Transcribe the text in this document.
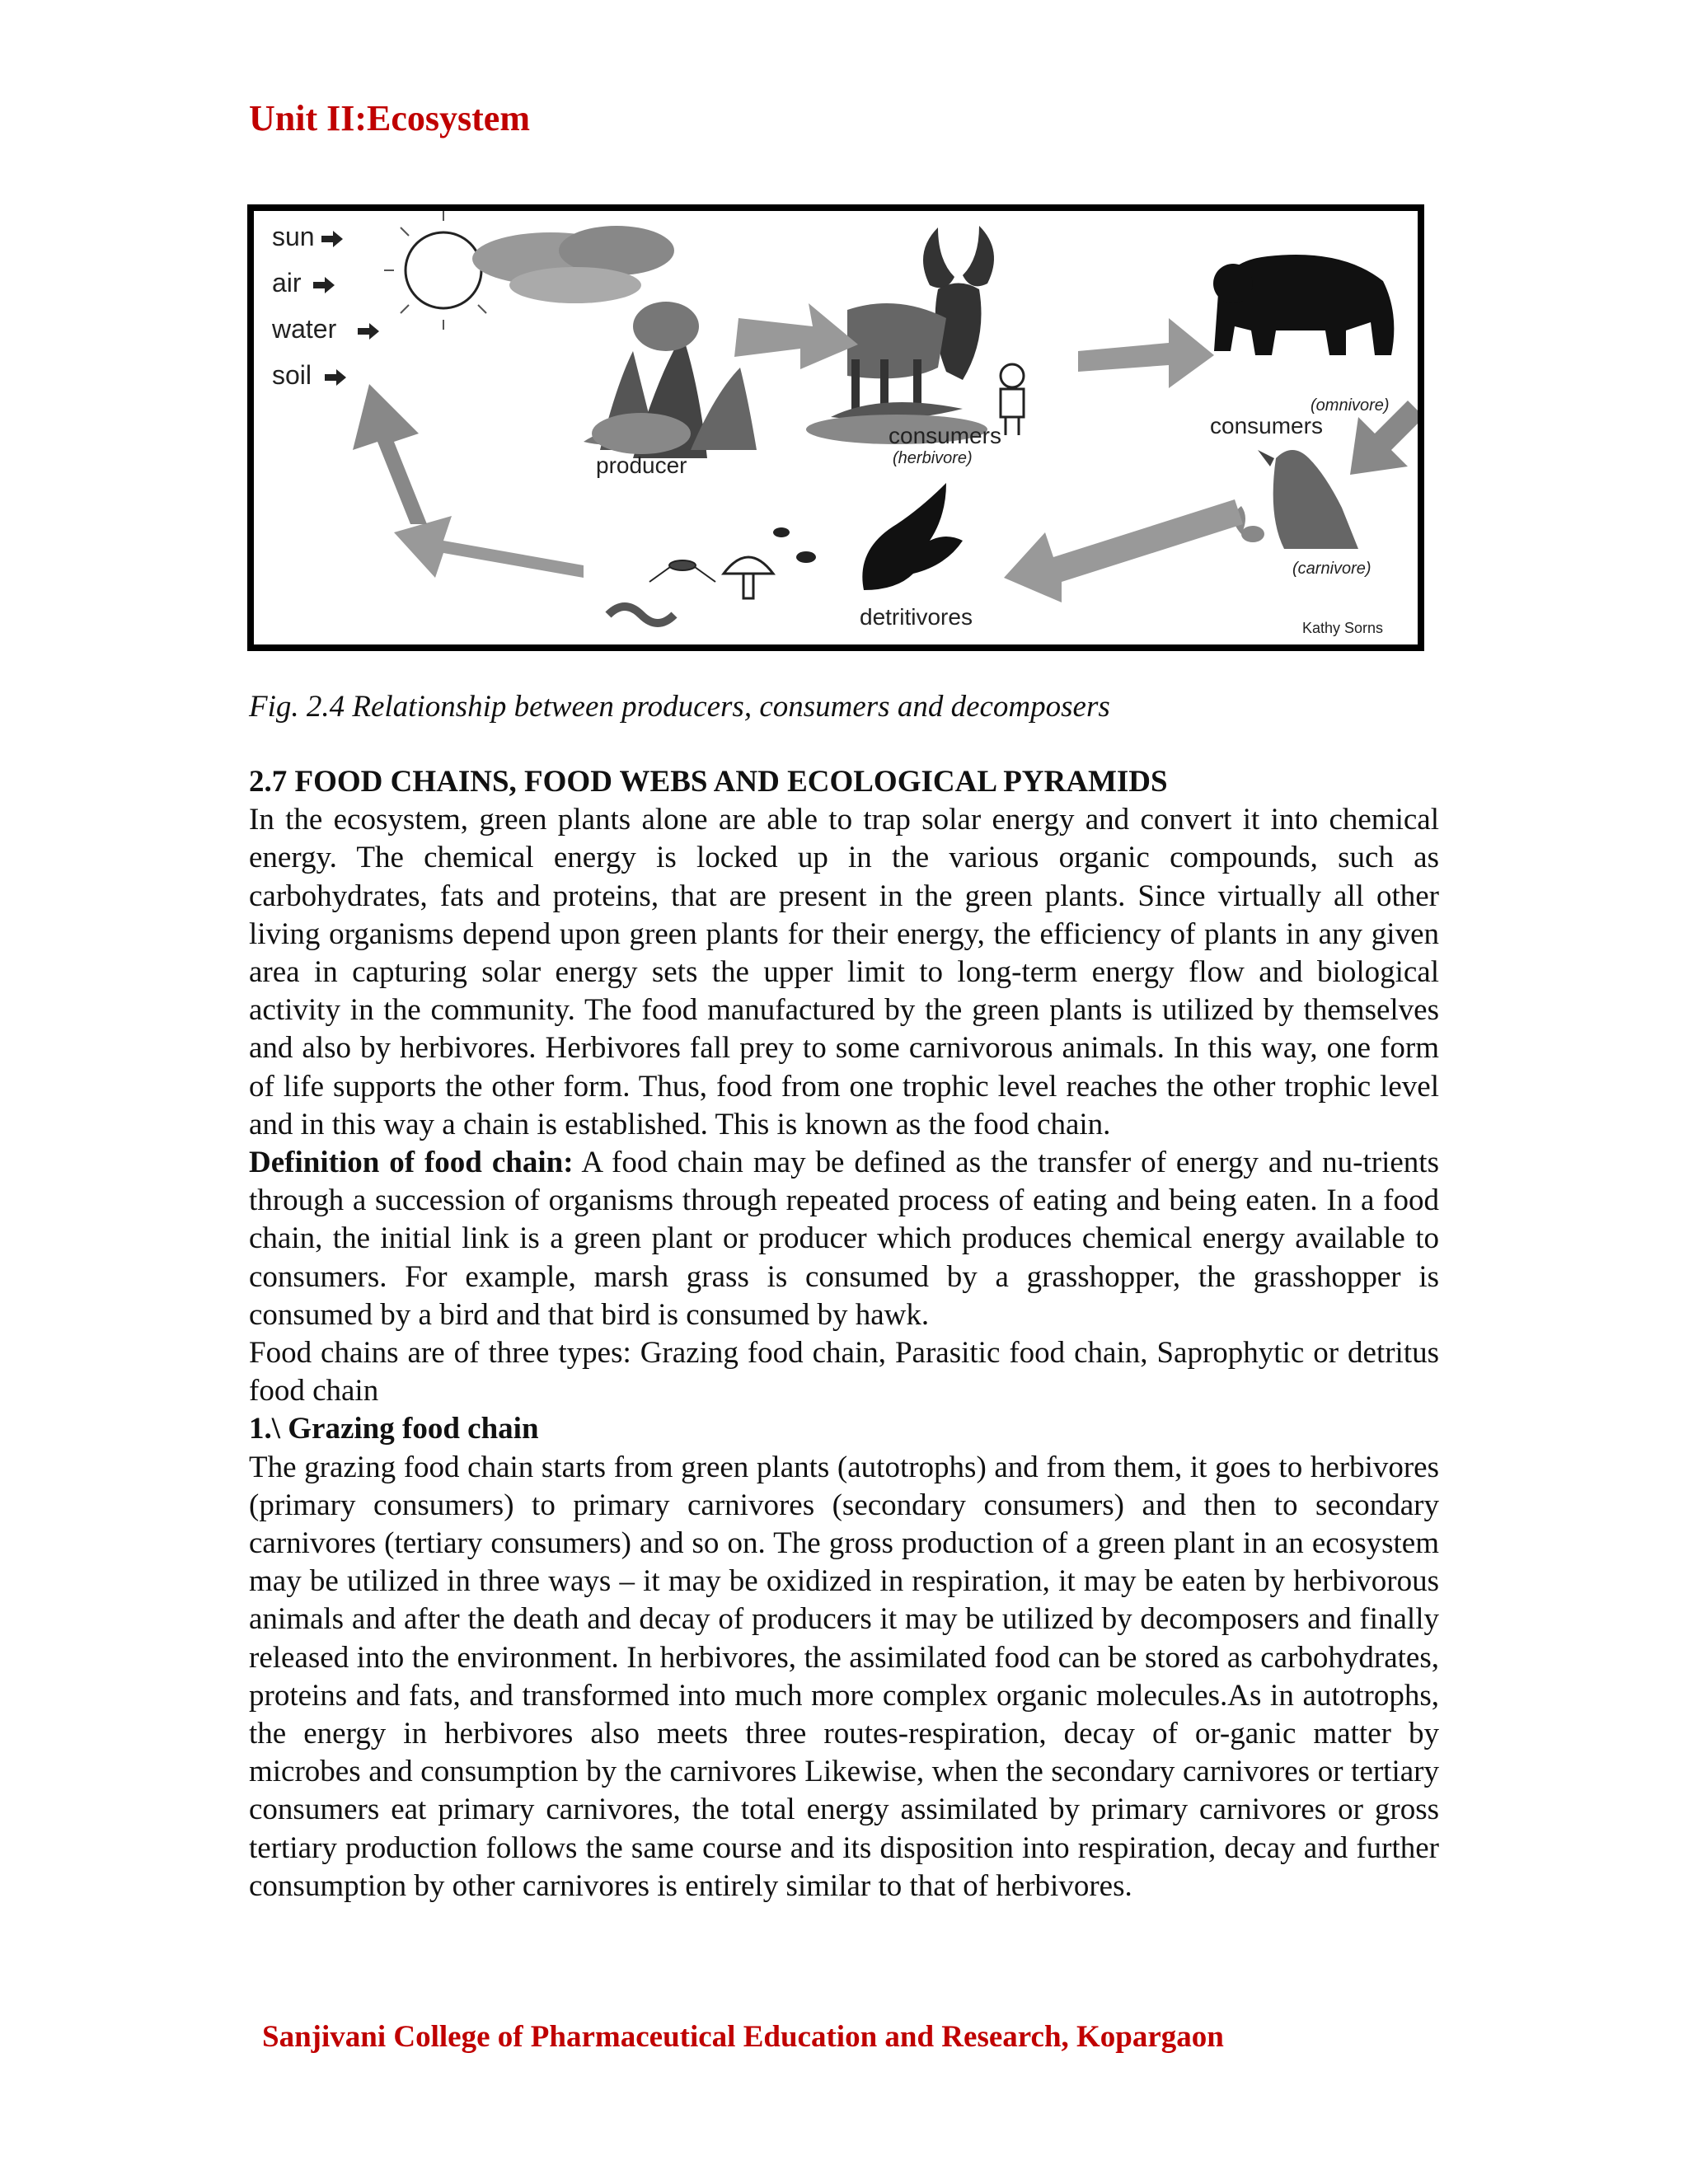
Unit II:Ecosystem
sun
air
water
soil
producer
consumers
(herbivore)
(omnivore)
consumers
(carnivore)
detritivores	Kathy Sorns

Fig. 2.4 Relationship between producers, consumers and decomposers

2.7 FOOD CHAINS, FOOD WEBS AND ECOLOGICAL PYRAMIDS

In the ecosystem, green plants alone are able to trap solar energy and convert it into chemical energy. The chemical energy is locked up in the various organic compounds, such as carbohydrates, fats and proteins, that are present in the green plants. Since virtually all other living organisms depend upon green plants for their energy, the efficiency of plants in any given area in capturing solar energy sets the upper limit to long-term energy flow and biological activity in the community. The food manufactured by the green plants is utilized by themselves and also by herbivores. Herbivores fall prey to some carnivorous animals. In this way, one form of life supports the other form. Thus, food from one trophic level reaches the other trophic level and in this way a chain is established. This is known as the food chain.

Definition of food chain: A food chain may be defined as the transfer of energy and nu-trients through a succession of organisms through repeated process of eating and being eaten. In a food chain, the initial link is a green plant or producer which produces chemical energy available to consumers. For example, marsh grass is consumed by a grasshopper, the grasshopper is consumed by a bird and that bird is consumed by hawk.

Food chains are of three types: Grazing food chain, Parasitic food chain, Saprophytic or detritus food chain

1.\ Grazing food chain

The grazing food chain starts from green plants (autotrophs) and from them, it goes to herbivores (primary consumers) to primary carnivores (secondary consumers) and then to secondary carnivores (tertiary consumers) and so on. The gross production of a green plant in an ecosystem may be utilized in three ways – it may be oxidized in respiration, it may be eaten by herbivorous animals and after the death and decay of producers it may be utilized by decomposers and finally released into the environment. In herbivores, the assimilated food can be stored as carbohydrates, proteins and fats, and transformed into much more complex organic molecules.As in autotrophs, the energy in herbivores also meets three routes-respiration, decay of or-ganic matter by microbes and consumption by the carnivores Likewise, when the secondary carnivores or tertiary consumers eat primary carnivores, the total energy assimilated by primary carnivores or gross tertiary production follows the same course and its disposition into respiration, decay and further consumption by other carnivores is entirely similar to that of herbivores.

Sanjivani College of Pharmaceutical Education and Research, Kopargaon
